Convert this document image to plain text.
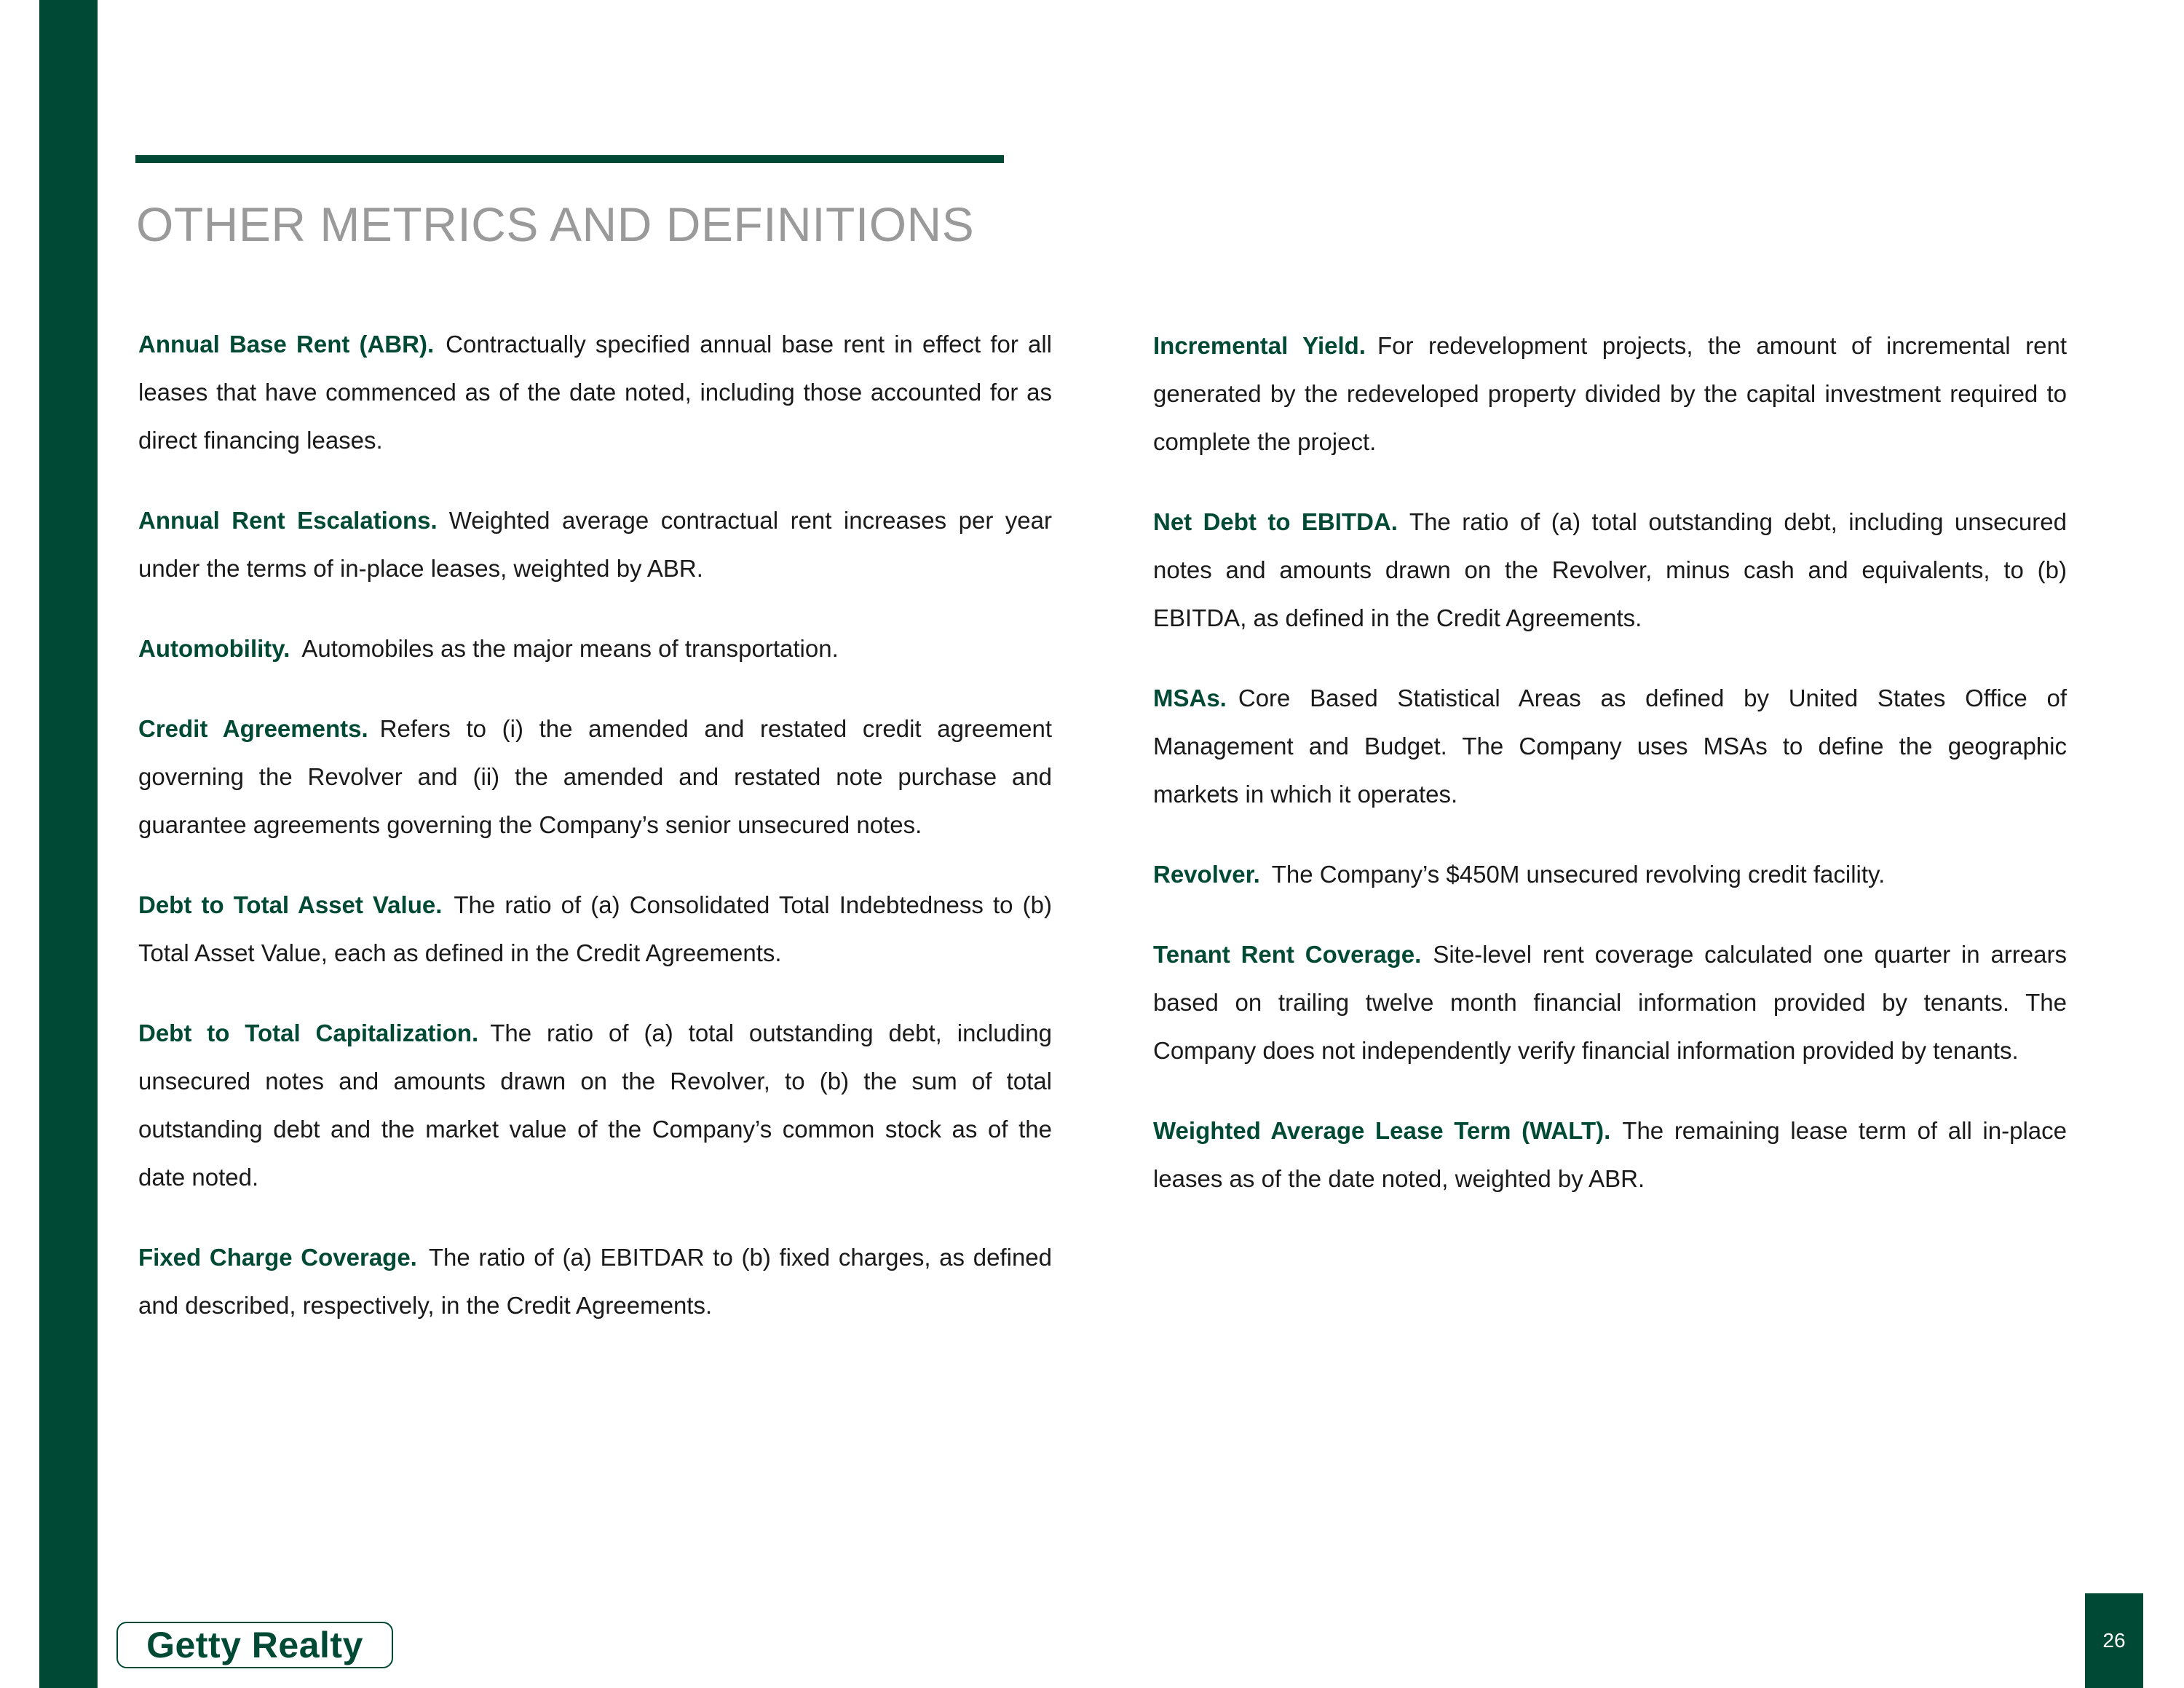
OTHER METRICS AND DEFINITIONS

Annual Base Rent (ABR). Contractually specified annual base rent in effect for all leases that have commenced as of the date noted, including those accounted for as direct financing leases.

Annual Rent Escalations. Weighted average contractual rent increases per year under the terms of in-place leases, weighted by ABR.

Automobility. Automobiles as the major means of transportation.

Credit Agreements. Refers to (i) the amended and restated credit agreement governing the Revolver and (ii) the amended and restated note purchase and guarantee agreements governing the Company’s senior unsecured notes.

Debt to Total Asset Value. The ratio of (a) Consolidated Total Indebtedness to (b) Total Asset Value, each as defined in the Credit Agreements.

Debt to Total Capitalization. The ratio of (a) total outstanding debt, including unsecured notes and amounts drawn on the Revolver, to (b) the sum of total outstanding debt and the market value of the Company’s common stock as of the date noted.

Fixed Charge Coverage. The ratio of (a) EBITDAR to (b) fixed charges, as defined and described, respectively, in the Credit Agreements.

Incremental Yield. For redevelopment projects, the amount of incremental rent generated by the redeveloped property divided by the capital investment required to complete the project.

Net Debt to EBITDA. The ratio of (a) total outstanding debt, including unsecured notes and amounts drawn on the Revolver, minus cash and equivalents, to (b) EBITDA, as defined in the Credit Agreements.

MSAs. Core Based Statistical Areas as defined by United States Office of Management and Budget. The Company uses MSAs to define the geographic markets in which it operates.

Revolver. The Company’s $450M unsecured revolving credit facility.

Tenant Rent Coverage. Site-level rent coverage calculated one quarter in arrears based on trailing twelve month financial information provided by tenants. The Company does not independently verify financial information provided by tenants.

Weighted Average Lease Term (WALT). The remaining lease term of all in-place leases as of the date noted, weighted by ABR.

Getty Realty	26
